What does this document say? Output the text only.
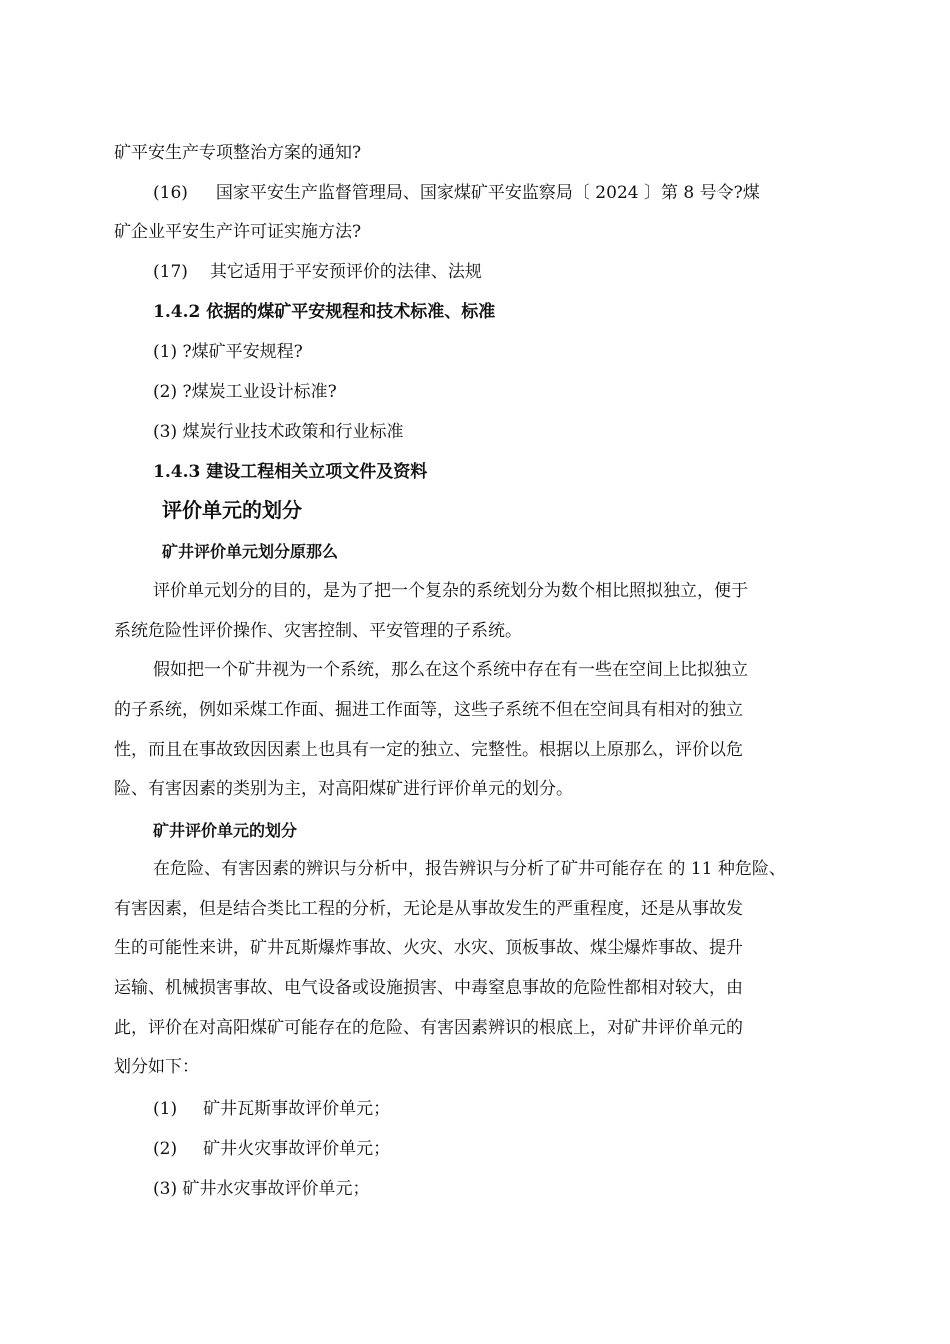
矿平安生产专项整治方案的通知?
(16) 国家平安生产监督管理局、国家煤矿平安监察局〔 2024 〕第 8 号令?煤
矿企业平安生产许可证实施方法?
(17) 其它适用于平安预评价的法律、法规
1.4.2 依据的煤矿平安规程和技术标准、标准
(1) ?煤矿平安规程?
(2) ?煤炭工业设计标准?
(3) 煤炭行业技术政策和行业标准
1.4.3 建设工程相关立项文件及资料
评价单元的划分
矿井评价单元划分原那么
评价单元划分的目的，是为了把一个复杂的系统划分为数个相比照拟独立，便于
系统危险性评价操作、灾害控制、平安管理的子系统。
假如把一个矿井视为一个系统，那么在这个系统中存在有一些在空间上比拟独立
的子系统，例如采煤工作面、掘进工作面等，这些子系统不但在空间具有相对的独立
性，而且在事故致因因素上也具有一定的独立、完整性。根据以上原那么，评价以危
险、有害因素的类别为主，对高阳煤矿进行评价单元的划分。
矿井评价单元的划分
在危险、有害因素的辨识与分析中，报告辨识与分析了矿井可能存在 的 11 种危险、
有害因素，但是结合类比工程的分析，无论是从事故发生的严重程度，还是从事故发
生的可能性来讲，矿井瓦斯爆炸事故、火灾、水灾、顶板事故、煤尘爆炸事故、提升
运输、机械损害事故、电气设备或设施损害、中毒窒息事故的危险性都相对较大，由
此，评价在对高阳煤矿可能存在的危险、有害因素辨识的根底上，对矿井评价单元的
划分如下：
(1) 矿井瓦斯事故评价单元；
(2) 矿井火灾事故评价单元；
(3) 矿井水灾事故评价单元；
